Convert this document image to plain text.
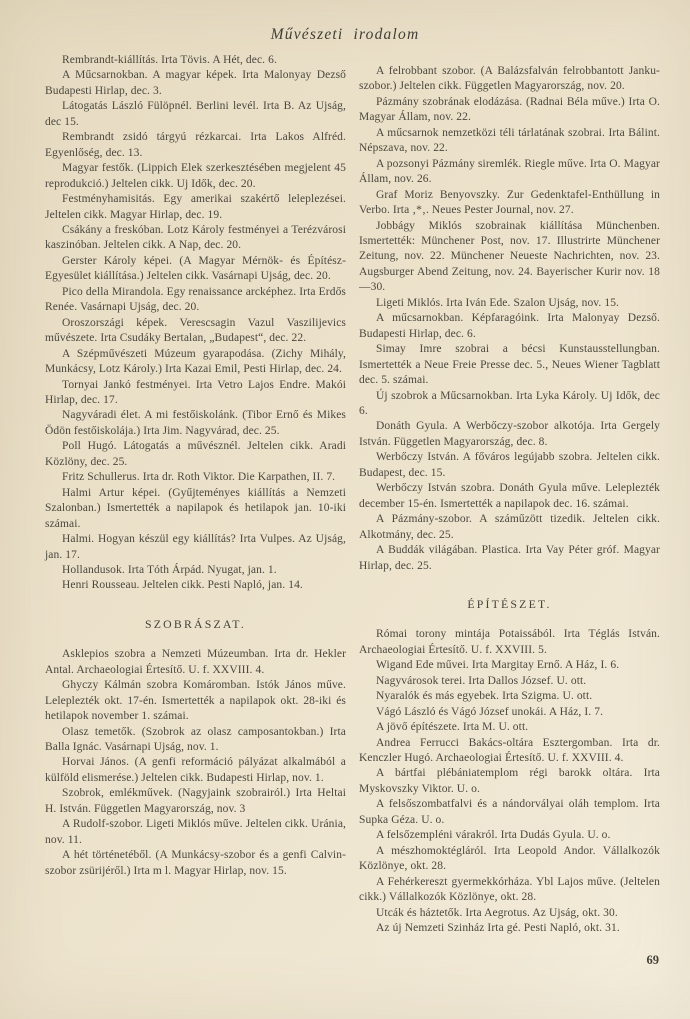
Művészeti irodalom

Rembrandt-kiállítás. Irta Tövis. A Hét, dec. 6.

A Műcsarnokban. A magyar képek. Irta Malonyay Dezső Budapesti Hirlap, dec. 3.

Látogatás László Fülöpnél. Berlini levél. Irta B. Az Ujság, dec 15.

Rembrandt zsidó tárgyú rézkarcai. Irta Lakos Alfréd. Egyenlőség, dec. 13.

Magyar festők. (Lippich Elek szerkesztésében megjelent 45 reprodukció.) Jeltelen cikk. Uj Idők, dec. 20.

Festményhamisitás. Egy amerikai szakértő leleplezései. Jeltelen cikk. Magyar Hirlap, dec. 19.

Csákány a freskóban. Lotz Károly festményei a Terézvárosi kaszinóban. Jeltelen cikk. A Nap, dec. 20.

Gerster Károly képei. (A Magyar Mérnök- és Építész-Egyesület kiállítása.) Jeltelen cikk. Vasárnapi Ujság, dec. 20.

Pico della Mirandola. Egy renaissance arcképhez. Irta Erdős Renée. Vasárnapi Ujság, dec. 20.

Oroszországi képek. Verescsagin Vazul Vaszilijevics művészete. Irta Csudáky Bertalan, „Budapest“, dec. 22.

A Szépművészeti Múzeum gyarapodása. (Zichy Mihály, Munkácsy, Lotz Károly.) Irta Kazai Emil, Pesti Hirlap, dec. 24.

Tornyai Jankó festményei. Irta Vetro Lajos Endre. Makói Hirlap, dec. 17.

Nagyváradi élet. A mi festőiskolánk. (Tibor Ernő és Mikes Ödön festőiskolája.) Irta Jim. Nagyvárad, dec. 25.

Poll Hugó. Látogatás a művésznél. Jeltelen cikk. Aradi Közlöny, dec. 25.

Fritz Schullerus. Irta dr. Roth Viktor. Die Karpathen, II. 7.

Halmi Artur képei. (Gyűjteményes kiállítás a Nemzeti Szalonban.) Ismertették a napilapok és hetilapok jan. 10-iki számai.

Halmi. Hogyan készül egy kiállítás? Irta Vulpes. Az Ujság, jan. 17.

Hollandusok. Irta Tóth Árpád. Nyugat, jan. 1.

Henri Rousseau. Jeltelen cikk. Pesti Napló, jan. 14.

SZOBRÁSZAT.

Asklepios szobra a Nemzeti Múzeumban. Irta dr. Hekler Antal. Archaeologiai Értesítő. U. f. XXVIII. 4.

Ghyczy Kálmán szobra Komáromban. Istók János műve. Leleplezték okt. 17-én. Ismertették a napilapok okt. 28-iki és hetilapok november 1. számai.

Olasz temetők. (Szobrok az olasz camposantokban.) Irta Balla Ignác. Vasárnapi Ujság, nov. 1.

Horvai János. (A genfi reformáció pályázat alkalmából a külföld elismerése.) Jeltelen cikk. Budapesti Hirlap, nov. 1.

Szobrok, emlékművek. (Nagyjaink szobrairól.) Irta Heltai H. István. Független Magyarország, nov. 3

A Rudolf-szobor. Ligeti Miklós műve. Jeltelen cikk. Uránia, nov. 11.

A hét történetéből. (A Munkácsy-szobor és a genfi Calvin-szobor zsürijéről.) Irta m l. Magyar Hirlap, nov. 15.

A felrobbant szobor. (A Balázsfalván felrobbantott Janku-szobor.) Jeltelen cikk. Független Magyarország, nov. 20.

Pázmány szobrának elodázása. (Radnai Béla műve.) Irta O. Magyar Állam, nov. 22.

A műcsarnok nemzetközi téli tárlatának szobrai. Irta Bálint. Népszava, nov. 22.

A pozsonyi Pázmány siremlék. Riegle műve. Irta O. Magyar Állam, nov. 26.

Graf Moriz Benyovszky. Zur Gedenktafel-Enthüllung in Verbo. Irta ‚*‚. Neues Pester Journal, nov. 27.

Jobbágy Miklós szobrainak kiállítása Münchenben. Ismertették: Münchener Post, nov. 17. Illustrirte Münchener Zeitung, nov. 22. Münchener Neueste Nachrichten, nov. 23. Augsburger Abend Zeitung, nov. 24. Bayerischer Kurir nov. 18—30.

Ligeti Miklós. Irta Iván Ede. Szalon Ujság, nov. 15.

A műcsarnokban. Képfaragóink. Irta Malonyay Dezső. Budapesti Hirlap, dec. 6.

Simay Imre szobrai a bécsi Kunstausstellungban. Ismertették a Neue Freie Presse dec. 5., Neues Wiener Tagblatt dec. 5. számai.

Új szobrok a Műcsarnokban. Irta Lyka Károly. Uj Idők, dec 6.

Donáth Gyula. A Werbőczy-szobor alkotója. Irta Gergely István. Független Magyarország, dec. 8.

Werbőczy István. A főváros legújabb szobra. Jeltelen cikk. Budapest, dec. 15.

Werbőczy István szobra. Donáth Gyula műve. Leleplezték december 15-én. Ismertették a napilapok dec. 16. számai.

A Pázmány-szobor. A száműzött tizedik. Jeltelen cikk. Alkotmány, dec. 25.

A Buddák világában. Plastica. Irta Vay Péter gróf. Magyar Hirlap, dec. 25.

ÉPÍTÉSZET.

Római torony mintája Potaissából. Irta Téglás István. Archaeologiai Értesítő. U. f. XXVIII. 5.

Wigand Ede művei. Irta Margitay Ernő. A Ház, I. 6.

Nagyvárosok terei. Irta Dallos József. U. ott.

Nyaralók és más egyebek. Irta Szigma. U. ott.

Vágó László és Vágó József unokái. A Ház, I. 7.

A jövő építészete. Irta M. U. ott.

Andrea Ferrucci Bakács-oltára Esztergomban. Irta dr. Kenczler Hugó. Archaeologiai Értesítő. U. f. XXVIII. 4.

A bártfai plébániatemplom régi barokk oltára. Irta Myskovszky Viktor. U. o.

A felsőszombatfalvi és a nándorvályai oláh templom. Irta Supka Géza. U. o.

A felsőzempléni várakról. Irta Dudás Gyula. U. o.

A mészhomoktégláról. Irta Leopold Andor. Vállalkozók Közlönye, okt. 28.

A Fehérkereszt gyermekkórháza. Ybl Lajos műve. (Jeltelen cikk.) Vállalkozók Közlönye, okt. 28.

Utcák és háztetők. Irta Aegrotus. Az Ujság, okt. 30.

Az új Nemzeti Szinház Irta gé. Pesti Napló, okt. 31.

69
